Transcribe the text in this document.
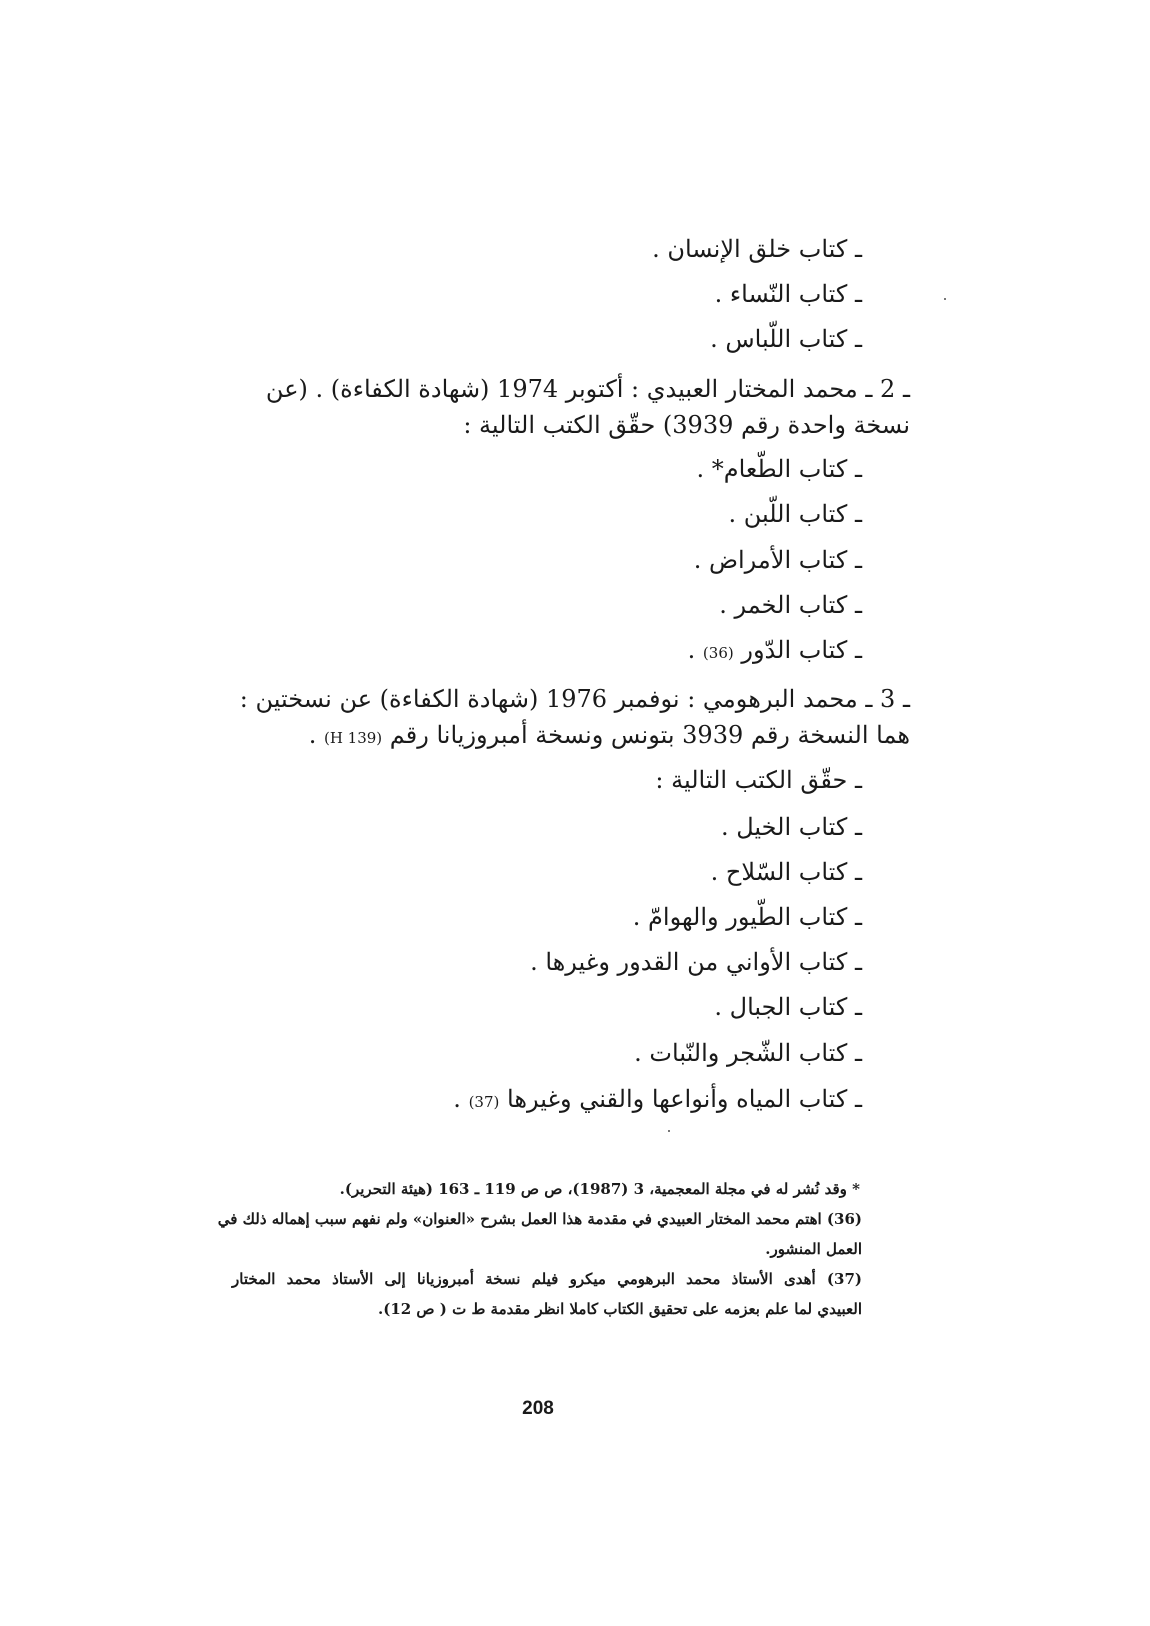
ـ كتاب خلق الإنسان .
ـ كتاب النّساء .
ـ كتاب اللّباس .
ـ 2 ـ محمد المختار العبيدي : أكتوبر 1974 (شهادة الكفاءة) . (عن
نسخة واحدة رقم 3939) حقّق الكتب التالية :
ـ كتاب الطّعام* .
ـ كتاب اللّبن .
ـ كتاب الأمراض .
ـ كتاب الخمر .
ـ كتاب الدّور (36) .
ـ 3 ـ محمد البرهومي : نوفمبر 1976 (شهادة الكفاءة) عن نسختين :
هما النسخة رقم 3939 بتونس ونسخة أمبروزيانا رقم (H 139) .
ـ حقّق الكتب التالية :
ـ كتاب الخيل .
ـ كتاب السّلاح .
ـ كتاب الطّيور والهوامّ .
ـ كتاب الأواني من القدور وغيرها .
ـ كتاب الجبال .
ـ كتاب الشّجر والنّبات .
ـ كتاب المياه وأنواعها والقني وغيرها (37) .
* وقد نُشر له في مجلة المعجمية، 3 (1987)، ص ص 119 ـ 163 (هيئة التحرير).
(36) اهتم محمد المختار العبيدي في مقدمة هذا العمل بشرح «العنوان» ولم نفهم سبب إهماله ذلك في
العمل المنشور.
(37) أهدى الأستاذ محمد البرهومي ميكرو فيلم نسخة أمبروزيانا إلى الأستاذ محمد المختار
العبيدي لما علم بعزمه على تحقيق الكتاب كاملا انظر مقدمة ط ت ( ص 12).
208
